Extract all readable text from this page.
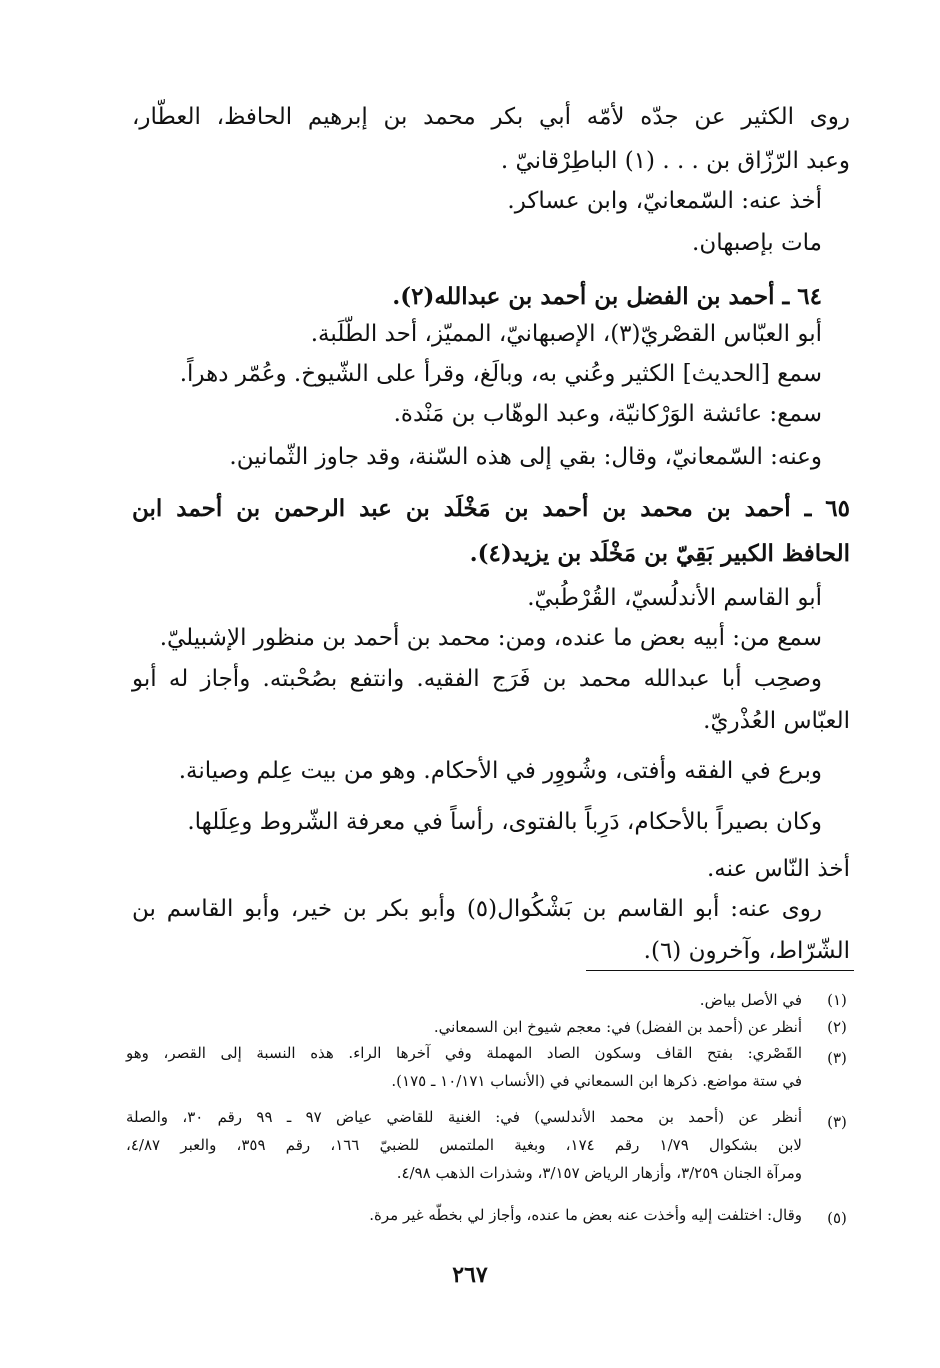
روى الكثير عن جدّه لأمّه أبي بكر محمد بن إبرهيم الحافظ، العطّار،
وعبد الرّزّاق بن . . . (١) الباطِرْقانيّ .
أخذ عنه: السّمعانيّ، وابن عساكر.
مات بإصبهان.
٦٤ ـ أحمد بن الفضل بن أحمد بن عبدالله(٢).
أبو العبّاس القصْريّ(٣)، الإصبهانيّ، المميّز، أحد الطّلَبة.
سمع [الحديث] الكثير وعُني به، وبالَغ، وقرأ على الشّيوخ. وعُمّر دهراً.
سمع: عائشة الوَرْكانيّة، وعبد الوهّاب بن مَنْدة.
وعنه: السّمعانيّ، وقال: بقي إلى هذه السّنة، وقد جاوز الثّمانين.
٦٥ ـ أحمد بن محمد بن أحمد بن مَخْلَد بن عبد الرحمن بن أحمد ابن
الحافظ الكبير بَقِيّ بن مَخْلَد بن يزيد(٤).
أبو القاسم الأندلُسيّ، القُرْطُبيّ.
سمع من: أبيه بعض ما عنده، ومن: محمد بن أحمد بن منظور الإشبيليّ.
وصحِب أبا عبدالله محمد بن فَرَج الفقيه. وانتفع بصُحْبته. وأجاز له أبو
العبّاس العُذْريّ.
وبرع في الفقه وأفتى، وشُووِر في الأحكام. وهو من بيت عِلم وصيانة.
وكان بصيراً بالأحكام، دَرِباً بالفتوى، رأساً في معرفة الشّروط وعِلَلها.
أخذ النّاس عنه.
روى عنه: أبو القاسم بن بَشْكُوال(٥) وأبو بكر بن خير، وأبو القاسم بن
الشّرّاط، وآخرون (٦).
(١)
في الأصل بياض.
(٢)
أنظر عن (أحمد بن الفضل) في: معجم شيوخ ابن السمعاني.
(٣)
القَصْري: بفتح القاف وسكون الصاد المهملة وفي آخرها الراء. هذه النسبة إلى القصر، وهو
في ستة مواضع. ذكرها ابن السمعاني في (الأنساب ١٠/١٧١ ـ ١٧٥).
(٣)
أنظر عن (أحمد بن محمد الأندلسي) في: الغنية للقاضي عياض ٩٧ ـ ٩٩ رقم ٣٠، والصلة
لابن بشكوال ١/٧٩ رقم ١٧٤، وبغية الملتمس للضبيّ ١٦٦، رقم ٣٥٩، والعبر ٤/٨٧،
ومرآة الجنان ٣/٢٥٩، وأزهار الرياض ٣/١٥٧، وشذرات الذهب ٤/٩٨.
(٥)
وقال: اختلفت إليه وأخذت عنه بعض ما عنده، وأجاز لي بخطّه غير مرة.
٢٦٧
